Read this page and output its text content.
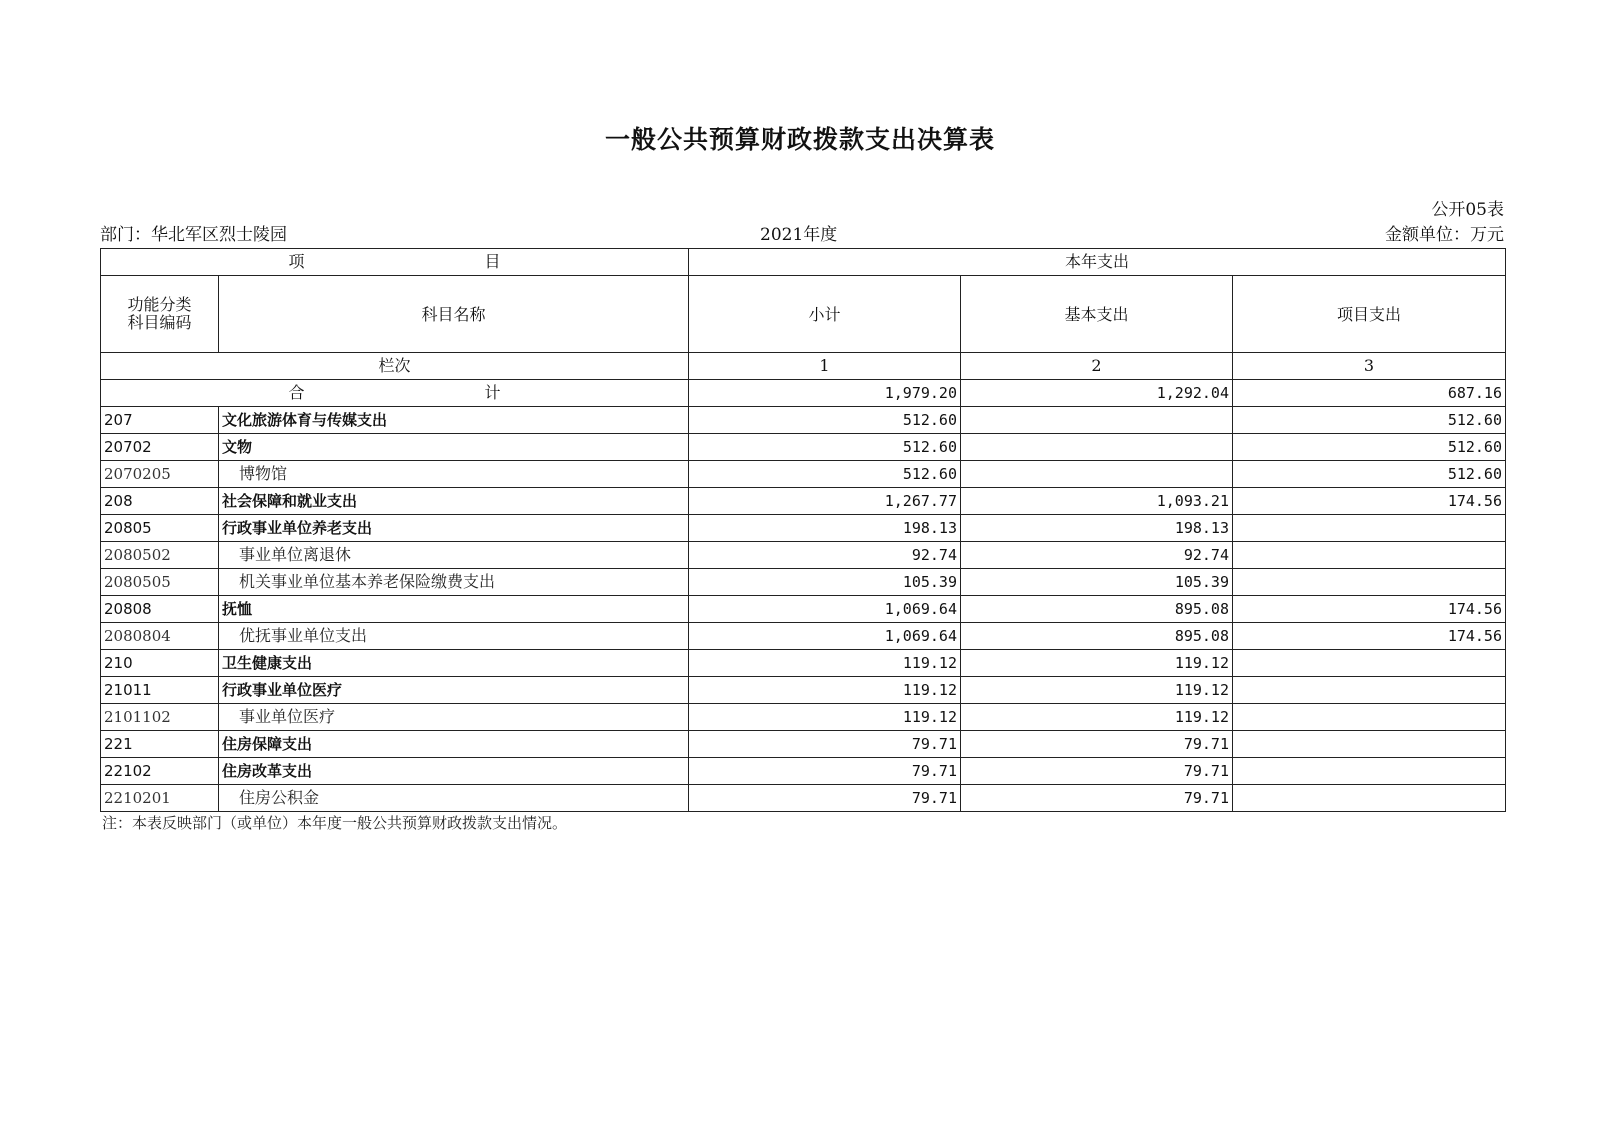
一般公共预算财政拨款支出决算表
公开05表
部门：华北军区烈士陵园	2021年度	金额单位：万元
项 目		本年支出		
功能分类
科目编码	科目名称	小计	基本支出	项目支出
栏次		1	2	3

合 计		1,979.20	1,292.04	687.16
207	文化旅游体育与传媒支出	512.60		512.60
20702	文物	512.60		512.60
2070205	博物馆	512.60		512.60
208	社会保障和就业支出	1,267.77	1,093.21	174.56
20805	行政事业单位养老支出	198.13	198.13	
2080502	事业单位离退休	92.74	92.74	
2080505	机关事业单位基本养老保险缴费支出	105.39	105.39	
20808	抚恤	1,069.64	895.08	174.56
2080804	优抚事业单位支出	1,069.64	895.08	174.56
210	卫生健康支出	119.12	119.12	
21011	行政事业单位医疗	119.12	119.12	
2101102	事业单位医疗	119.12	119.12	
221	住房保障支出	79.71	79.71	
22102	住房改革支出	79.71	79.71	
2210201	住房公积金	79.71	79.71	
注：本表反映部门（或单位）本年度一般公共预算财政拨款支出情况。
